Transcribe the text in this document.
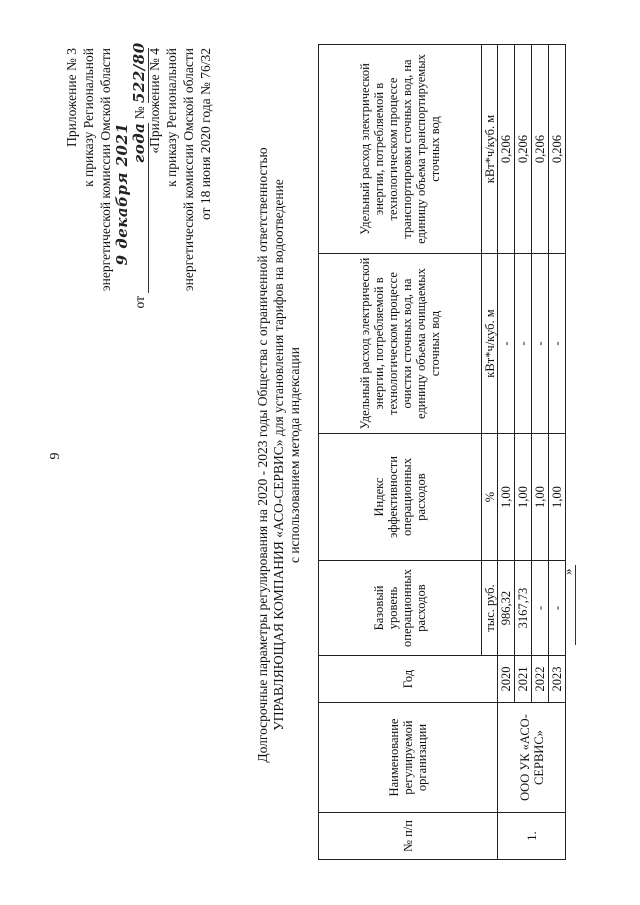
9
Приложение № 3 к приказу Региональной энергетической комиссии Омской области
от 9 декабря 2021 года № 522/80 «Приложение № 4 к приказу Региональной энергетической комиссии Омской области от 18 июня 2020 года № 76/32
Долгосрочные параметры регулирования на 2020 - 2023 годы Общества с ограниченной ответственностью УПРАВЛЯЮЩАЯ КОМПАНИЯ «АСО-СЕРВИС» для установления тарифов на водоотведение с использованием метода индексации
№ п/п	Наименование регулируемой организации	Год	Базовый уровень операционных расходов	Индекс эффективности операционных расходов	Удельный расход электрической энергии, потребляемой в технологическом процессе очистки сточных вод, на единицу объема очищаемых сточных вод	Удельный расход электрической энергии, потребляемой в технологическом процессе транспортировки сточных вод, на единицу объема транспортируемых сточных вод
			тыс. руб.	%	кВт*ч/куб. м	кВт*ч/куб. м
1.	ООО УК «АСО-СЕРВИС»	2020	986,32	1,00	-	0,206
		2021	3167,73	1,00	-	0,206
		2022	-	1,00	-	0,206
		2023	-	1,00	-	0,206
»
